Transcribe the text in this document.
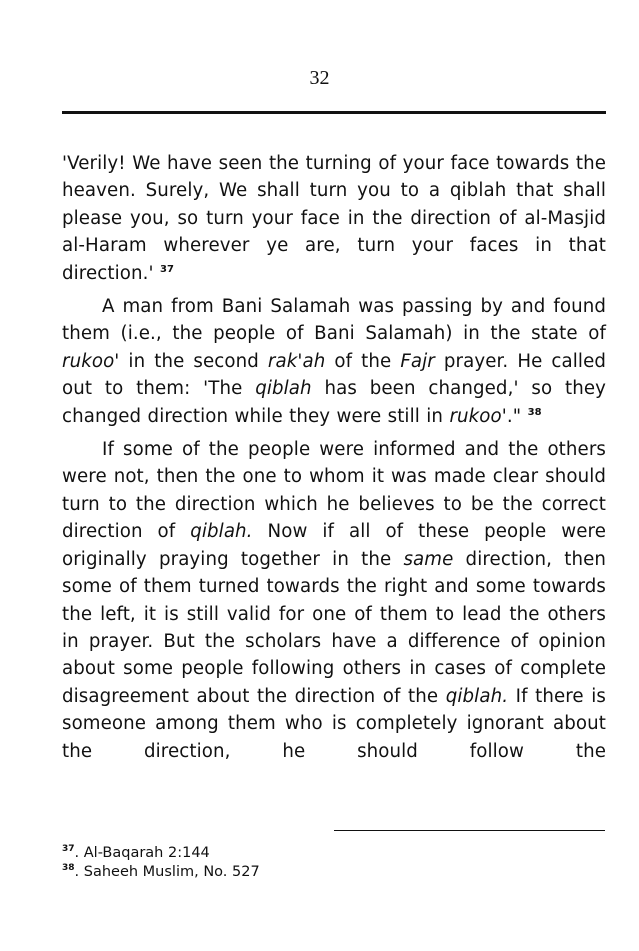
32

'Verily! We have seen the turning of your face towards the heaven. Surely, We shall turn you to a qiblah that shall please you, so turn your face in the direction of al-Masjid al-Haram wherever ye are, turn your faces in that direction.' $^{37}$

A man from Bani Salamah was passing by and found them (i.e., the people of Bani Salamah) in the state of rukoo' in the second rak'ah of the Fajr prayer. He called out to them: 'The qiblah has been changed,' so they changed direction while they were still in rukoo'." $^{38}$

If some of the people were informed and the others were not, then the one to whom it was made clear should turn to the direction which he believes to be the correct direction of qiblah. Now if all of these people were originally praying together in the same direction, then some of them turned towards the right and some towards the left, it is still valid for one of them to lead the others in prayer. But the scholars have a difference of opinion about some people following others in cases of complete disagreement about the direction of the qiblah. If there is someone among them who is completely ignorant about the direction, he should follow the

$^{37}$. Al-Baqarah 2:144
$^{38}$. Saheeh Muslim, No. 527
